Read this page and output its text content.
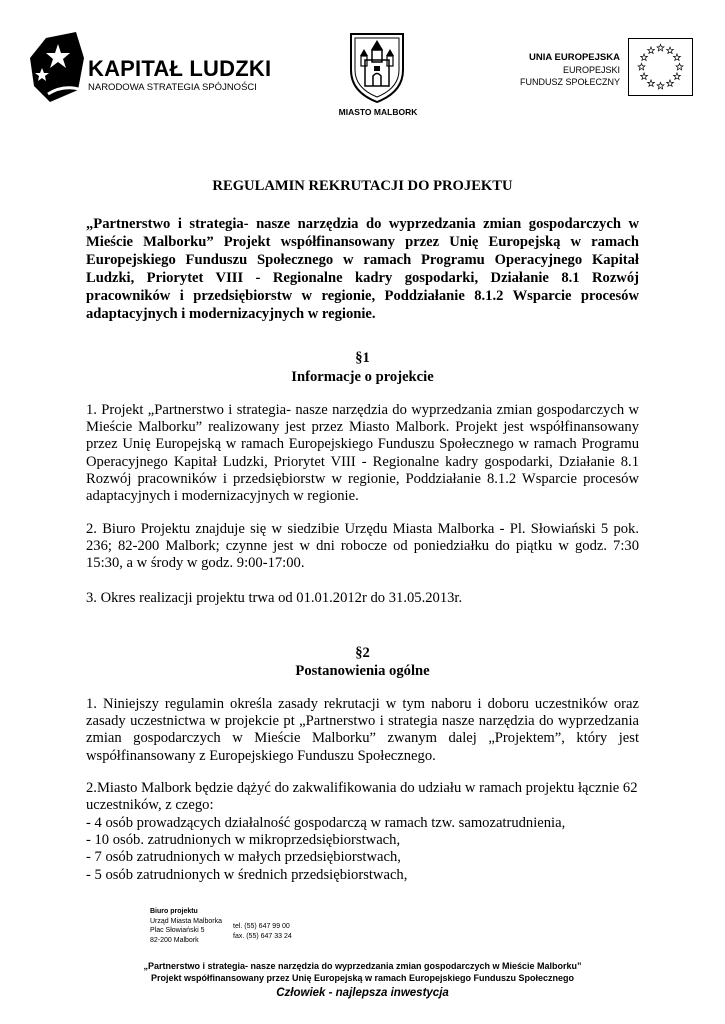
KAPITAŁ LUDZKI
NARODOWA STRATEGIA SPÓJNOŚCI
MIASTO MALBORK
UNIA EUROPEJSKA
EUROPEJSKI
FUNDUSZ SPOŁECZNY
REGULAMIN REKRUTACJI DO PROJEKTU
„Partnerstwo i strategia- nasze narzędzia do wyprzedzania zmian gospodarczych w Mieście Malborku” Projekt współfinansowany przez Unię Europejską w ramach Europejskiego Funduszu Społecznego w ramach Programu Operacyjnego Kapitał Ludzki, Priorytet VIII - Regionalne kadry gospodarki, Działanie 8.1 Rozwój pracowników i przedsiębiorstw w regionie, Poddziałanie 8.1.2 Wsparcie procesów adaptacyjnych i modernizacyjnych w regionie.
§1
Informacje o projekcie
1. Projekt „Partnerstwo i strategia- nasze narzędzia do wyprzedzania zmian gospodarczych w Mieście Malborku” realizowany jest przez Miasto Malbork. Projekt jest współfinansowany przez Unię Europejską w ramach Europejskiego Funduszu Społecznego w ramach Programu Operacyjnego Kapitał Ludzki, Priorytet VIII - Regionalne kadry gospodarki, Działanie 8.1 Rozwój pracowników i przedsiębiorstw w regionie, Poddziałanie 8.1.2 Wsparcie procesów adaptacyjnych i modernizacyjnych w regionie.
2. Biuro Projektu znajduje się w siedzibie Urzędu Miasta Malborka - Pl. Słowiański 5 pok. 236; 82-200 Malbork; czynne jest w dni robocze od poniedziałku do piątku w godz. 7:30 15:30, a w środy w godz. 9:00-17:00.
3. Okres realizacji projektu trwa od 01.01.2012r do 31.05.2013r.
§2
Postanowienia ogólne
1. Niniejszy regulamin określa zasady rekrutacji w tym naboru i doboru uczestników oraz zasady uczestnictwa w projekcie pt „Partnerstwo i strategia nasze narzędzia do wyprzedzania zmian gospodarczych w Mieście Malborku” zwanym dalej „Projektem”, który jest współfinansowany z Europejskiego Funduszu Społecznego.
2.Miasto Malbork będzie dążyć do zakwalifikowania do udziału w ramach projektu łącznie 62 uczestników, z czego:
- 4 osób prowadzących działalność gospodarczą w ramach tzw. samozatrudnienia,
- 10 osób. zatrudnionych w mikroprzedsiębiorstwach,
- 7 osób zatrudnionych w małych przedsiębiorstwach,
- 5 osób zatrudnionych w średnich przedsiębiorstwach,
Biuro projektu
Urząd Miasta Malborka
Plac Słowiański 5
82-200 Malbork
tel. (55) 647 99 00
fax. (55) 647 33 24
„Partnerstwo i strategia- nasze narzędzia do wyprzedzania zmian gospodarczych w Mieście Malborku”
Projekt współfinansowany przez Unię Europejską w ramach Europejskiego Funduszu Społecznego
Człowiek - najlepsza inwestycja
